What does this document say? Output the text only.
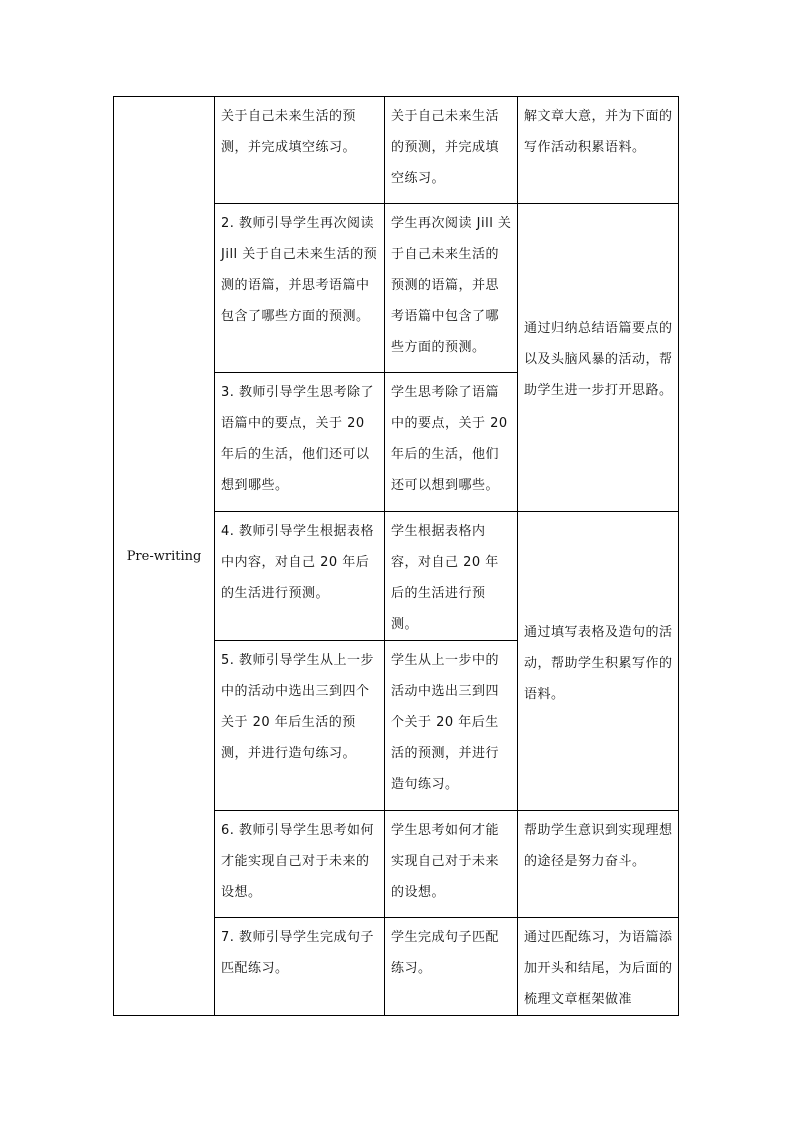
Pre-writing	关于自己未来生活的预测，并完成填空练习。	关于自己未来生活的预测，并完成填空练习。	解文章大意，并为下面的写作活动积累语料。
	2. 教师引导学生再次阅读 Jill 关于自己未来生活的预测的语篇，并思考语篇中包含了哪些方面的预测。	学生再次阅读 Jill 关于自己未来生活的预测的语篇，并思考语篇中包含了哪些方面的预测。	通过归纳总结语篇要点的以及头脑风暴的活动，帮助学生进一步打开思路。
	3. 教师引导学生思考除了语篇中的要点，关于 20 年后的生活，他们还可以想到哪些。	学生思考除了语篇中的要点，关于 20 年后的生活，他们还可以想到哪些。	
	4. 教师引导学生根据表格中内容，对自己 20 年后的生活进行预测。	学生根据表格内容，对自己 20 年后的生活进行预测。	通过填写表格及造句的活动，帮助学生积累写作的语料。
	5. 教师引导学生从上一步中的活动中选出三到四个关于 20 年后生活的预测，并进行造句练习。	学生从上一步中的活动中选出三到四个关于 20 年后生活的预测，并进行造句练习。	
	6. 教师引导学生思考如何才能实现自己对于未来的设想。	学生思考如何才能实现自己对于未来的设想。	帮助学生意识到实现理想的途径是努力奋斗。
	7. 教师引导学生完成句子匹配练习。	学生完成句子匹配练习。	通过匹配练习，为语篇添加开头和结尾，为后面的梳理文章框架做准
